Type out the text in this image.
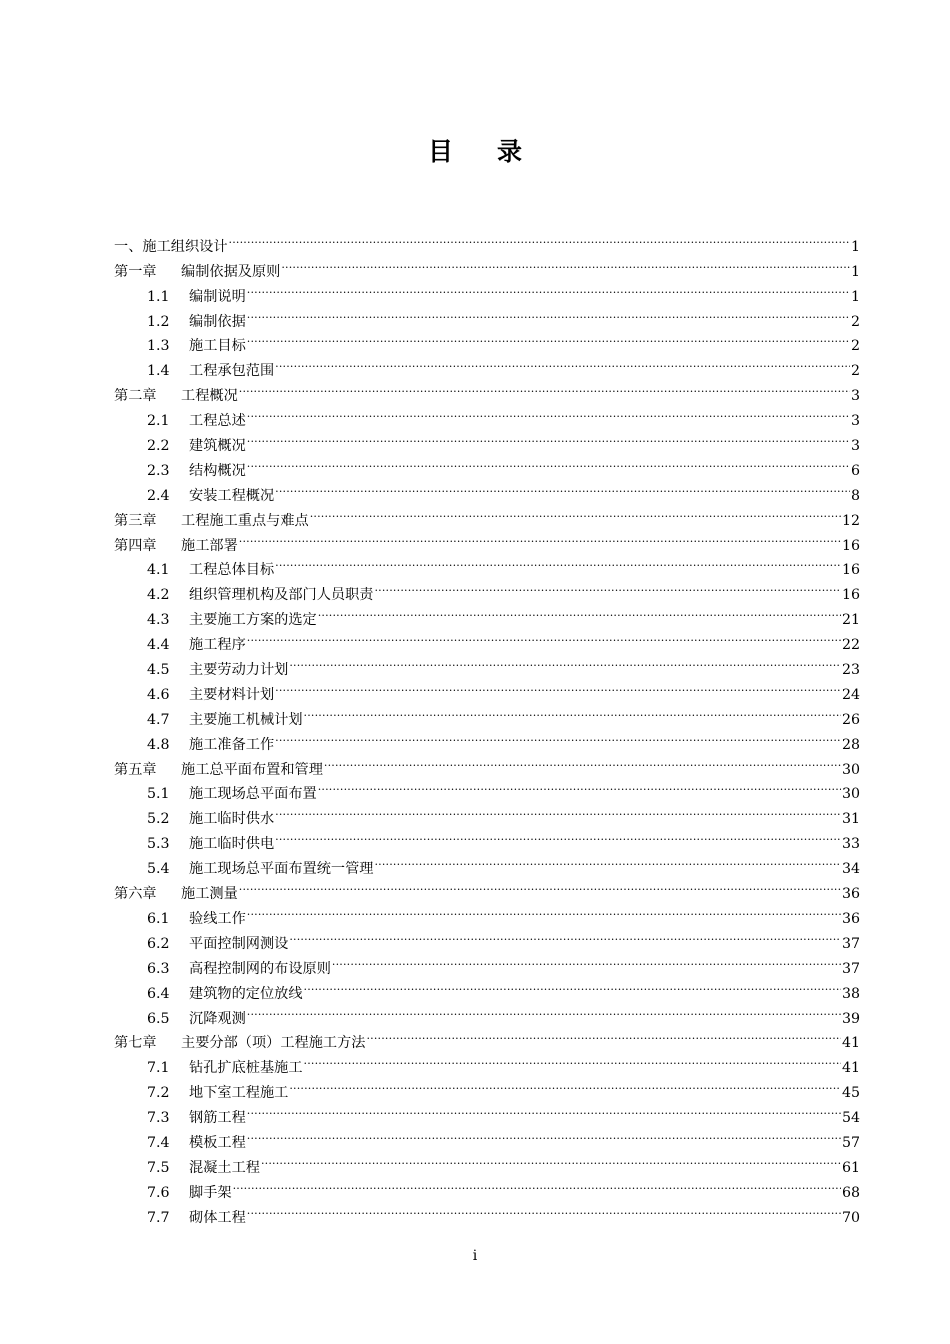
目 录
一、施工组织设计 .....	1
第一章	编制依据及原则 .....	1
1.1	编制说明 .....	1
1.2	编制依据 .....	2
1.3	施工目标 .....	2
1.4	工程承包范围 .....	2
第二章	工程概况 .....	3
2.1	工程总述 .....	3
2.2	建筑概况 .....	3
2.3	结构概况 .....	6
2.4	安装工程概况 .....	8
第三章	工程施工重点与难点 .....	12
第四章	施工部署 .....	16
4.1	工程总体目标 .....	16
4.2	组织管理机构及部门人员职责 .....	16
4.3	主要施工方案的选定 .....	21
4.4	施工程序 .....	22
4.5	主要劳动力计划 .....	23
4.6	主要材料计划 .....	24
4.7	主要施工机械计划 .....	26
4.8	施工准备工作 .....	28
第五章	施工总平面布置和管理 .....	30
5.1	施工现场总平面布置 .....	30
5.2	施工临时供水 .....	31
5.3	施工临时供电 .....	33
5.4	施工现场总平面布置统一管理 .....	34
第六章	施工测量 .....	36
6.1	验线工作 .....	36
6.2	平面控制网测设 .....	37
6.3	高程控制网的布设原则 .....	37
6.4	建筑物的定位放线 .....	38
6.5	沉降观测 .....	39
第七章	主要分部（项）工程施工方法 .....	41
7.1	钻孔扩底桩基施工 .....	41
7.2	地下室工程施工 .....	45
7.3	钢筋工程 .....	54
7.4	模板工程 .....	57
7.5	混凝土工程 .....	61
7.6	脚手架 .....	68
7.7	砌体工程 .....	70
i
